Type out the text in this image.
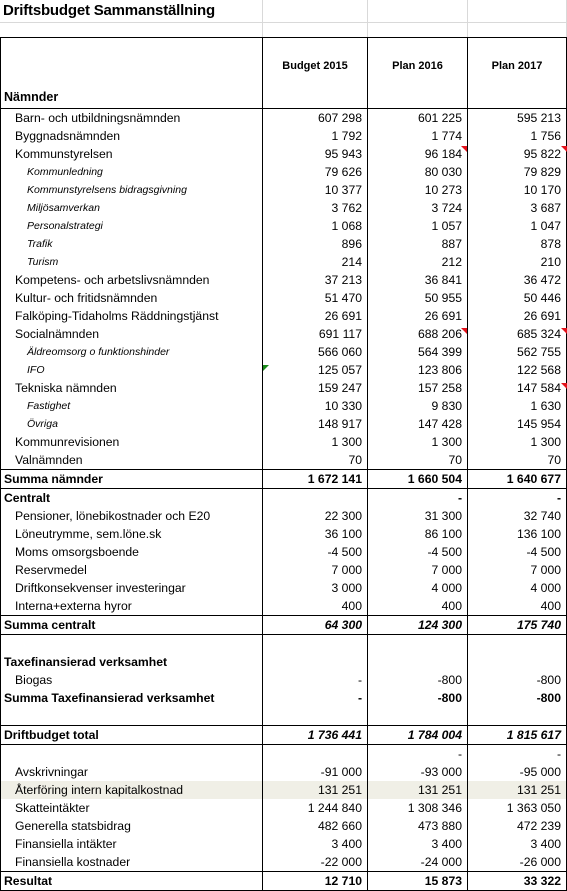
Driftsbudget Sammanställning
Nämnder	Budget 2015	Plan 2016	Plan 2017
Barn- och utbildningsnämnden	607 298	601 225	595 213
Byggnadsnämnden	1 792	1 774	1 756
Kommunstyrelsen	95 943	96 184	95 822
Kommunledning	79 626	80 030	79 829
Kommunstyrelsens bidragsgivning	10 377	10 273	10 170
Miljösamverkan	3 762	3 724	3 687
Personalstrategi	1 068	1 057	1 047
Trafik	896	887	878
Turism	214	212	210
Kompetens- och arbetslivsnämnden	37 213	36 841	36 472
Kultur- och fritidsnämnden	51 470	50 955	50 446
Falköping-Tidaholms Räddningstjänst	26 691	26 691	26 691
Socialnämnden	691 117	688 206	685 324
Äldreomsorg o funktionshinder	566 060	564 399	562 755
IFO	125 057	123 806	122 568
Tekniska nämnden	159 247	157 258	147 584
Fastighet	10 330	9 830	1 630
Övriga	148 917	147 428	145 954
Kommunrevisionen	1 300	1 300	1 300
Valnämnden	70	70	70
Summa nämnder	1 672 141	1 660 504	1 640 677
Centralt		-	-
Pensioner, lönebikostnader och E20	22 300	31 300	32 740
Löneutrymme, sem.löne.sk	36 100	86 100	136 100
Moms omsorgsboende	-4 500	-4 500	-4 500
Reservmedel	7 000	7 000	7 000
Driftkonsekvenser investeringar	3 000	4 000	4 000
Interna+externa hyror	400	400	400
Summa centralt	64 300	124 300	175 740

Taxefinansierad verksamhet			
Biogas	-	-800	-800
Summa Taxefinansierad verksamhet	-	-800	-800

Driftbudget total	1 736 441	1 784 004	1 815 617
		-	-
Avskrivningar	-91 000	-93 000	-95 000
Återföring intern kapitalkostnad	131 251	131 251	131 251
Skatteintäkter	1 244 840	1 308 346	1 363 050
Generella statsbidrag	482 660	473 880	472 239
Finansiella intäkter	3 400	3 400	3 400
Finansiella kostnader	-22 000	-24 000	-26 000
Resultat	12 710	15 873	33 322
